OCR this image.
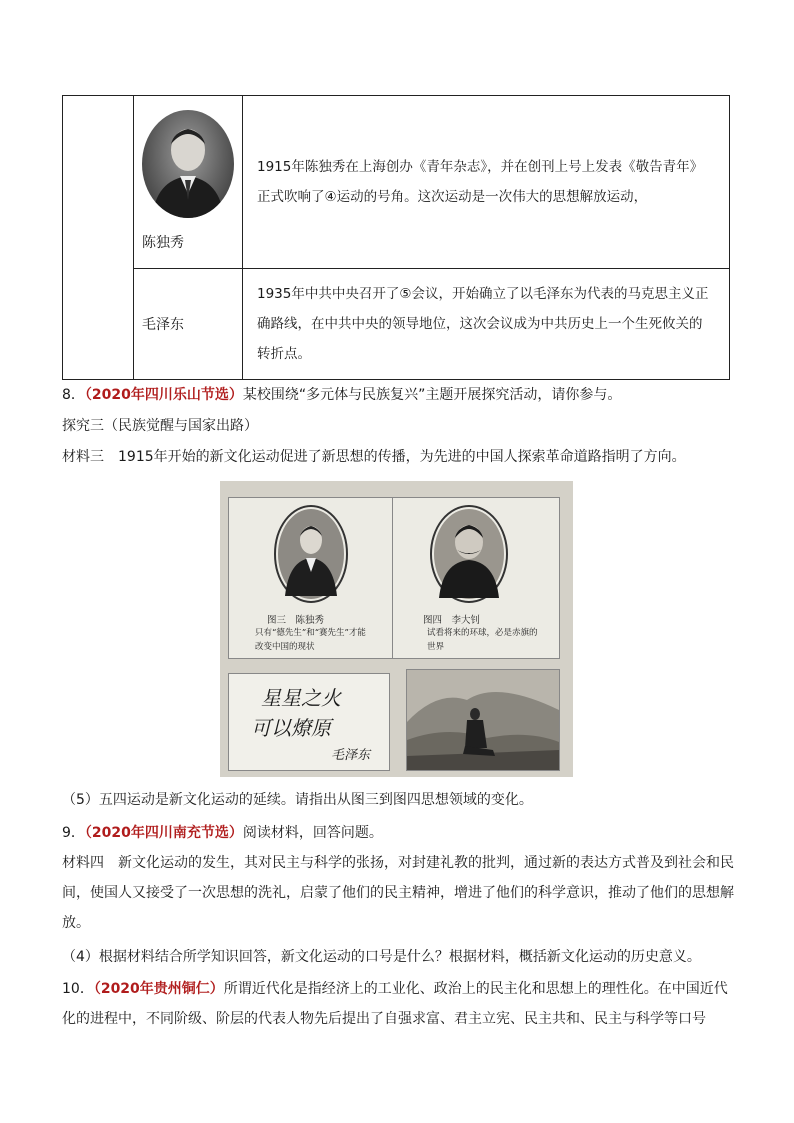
	陈独秀	1915年陈独秀在上海创办《青年杂志》，并在创刊上号上发表《敬告青年》正式吹响了④运动的号角。这次运动是一次伟大的思想解放运动，

	毛泽东	1935年中共中央召开了⑤会议，开始确立了以毛泽东为代表的马克思主义正确路线，在中共中央的领导地位，这次会议成为中共历史上一个生死攸关的转折点。
8．（2020年四川乐山节选）某校围绕“多元体与民族复兴”主题开展探究活动，请你参与。
探究三（民族觉醒与国家出路）
材料三　1915年开始的新文化运动促进了新思想的传播，为先进的中国人探索革命道路指明了方向。
图三　陈独秀
只有“德先生”和“赛先生”才能改变中国的现状
图四　李大钊
试看将来的环球，必是赤旗的世界
星星之火
可以燎原
毛泽东
（5）五四运动是新文化运动的延续。请指出从图三到图四思想领域的变化。
9．（2020年四川南充节选）阅读材料，回答问题。
材料四　新文化运动的发生，其对民主与科学的张扬，对封建礼教的批判，通过新的表达方式普及到社会和民间，使国人又接受了一次思想的洗礼，启蒙了他们的民主精神，增进了他们的科学意识，推动了他们的思想解放。
（4）根据材料结合所学知识回答，新文化运动的口号是什么？根据材料，概括新文化运动的历史意义。
10．（2020年贵州铜仁）所谓近代化是指经济上的工业化、政治上的民主化和思想上的理性化。在中国近代化的进程中，不同阶级、阶层的代表人物先后提出了自强求富、君主立宪、民主共和、民主与科学等口号
